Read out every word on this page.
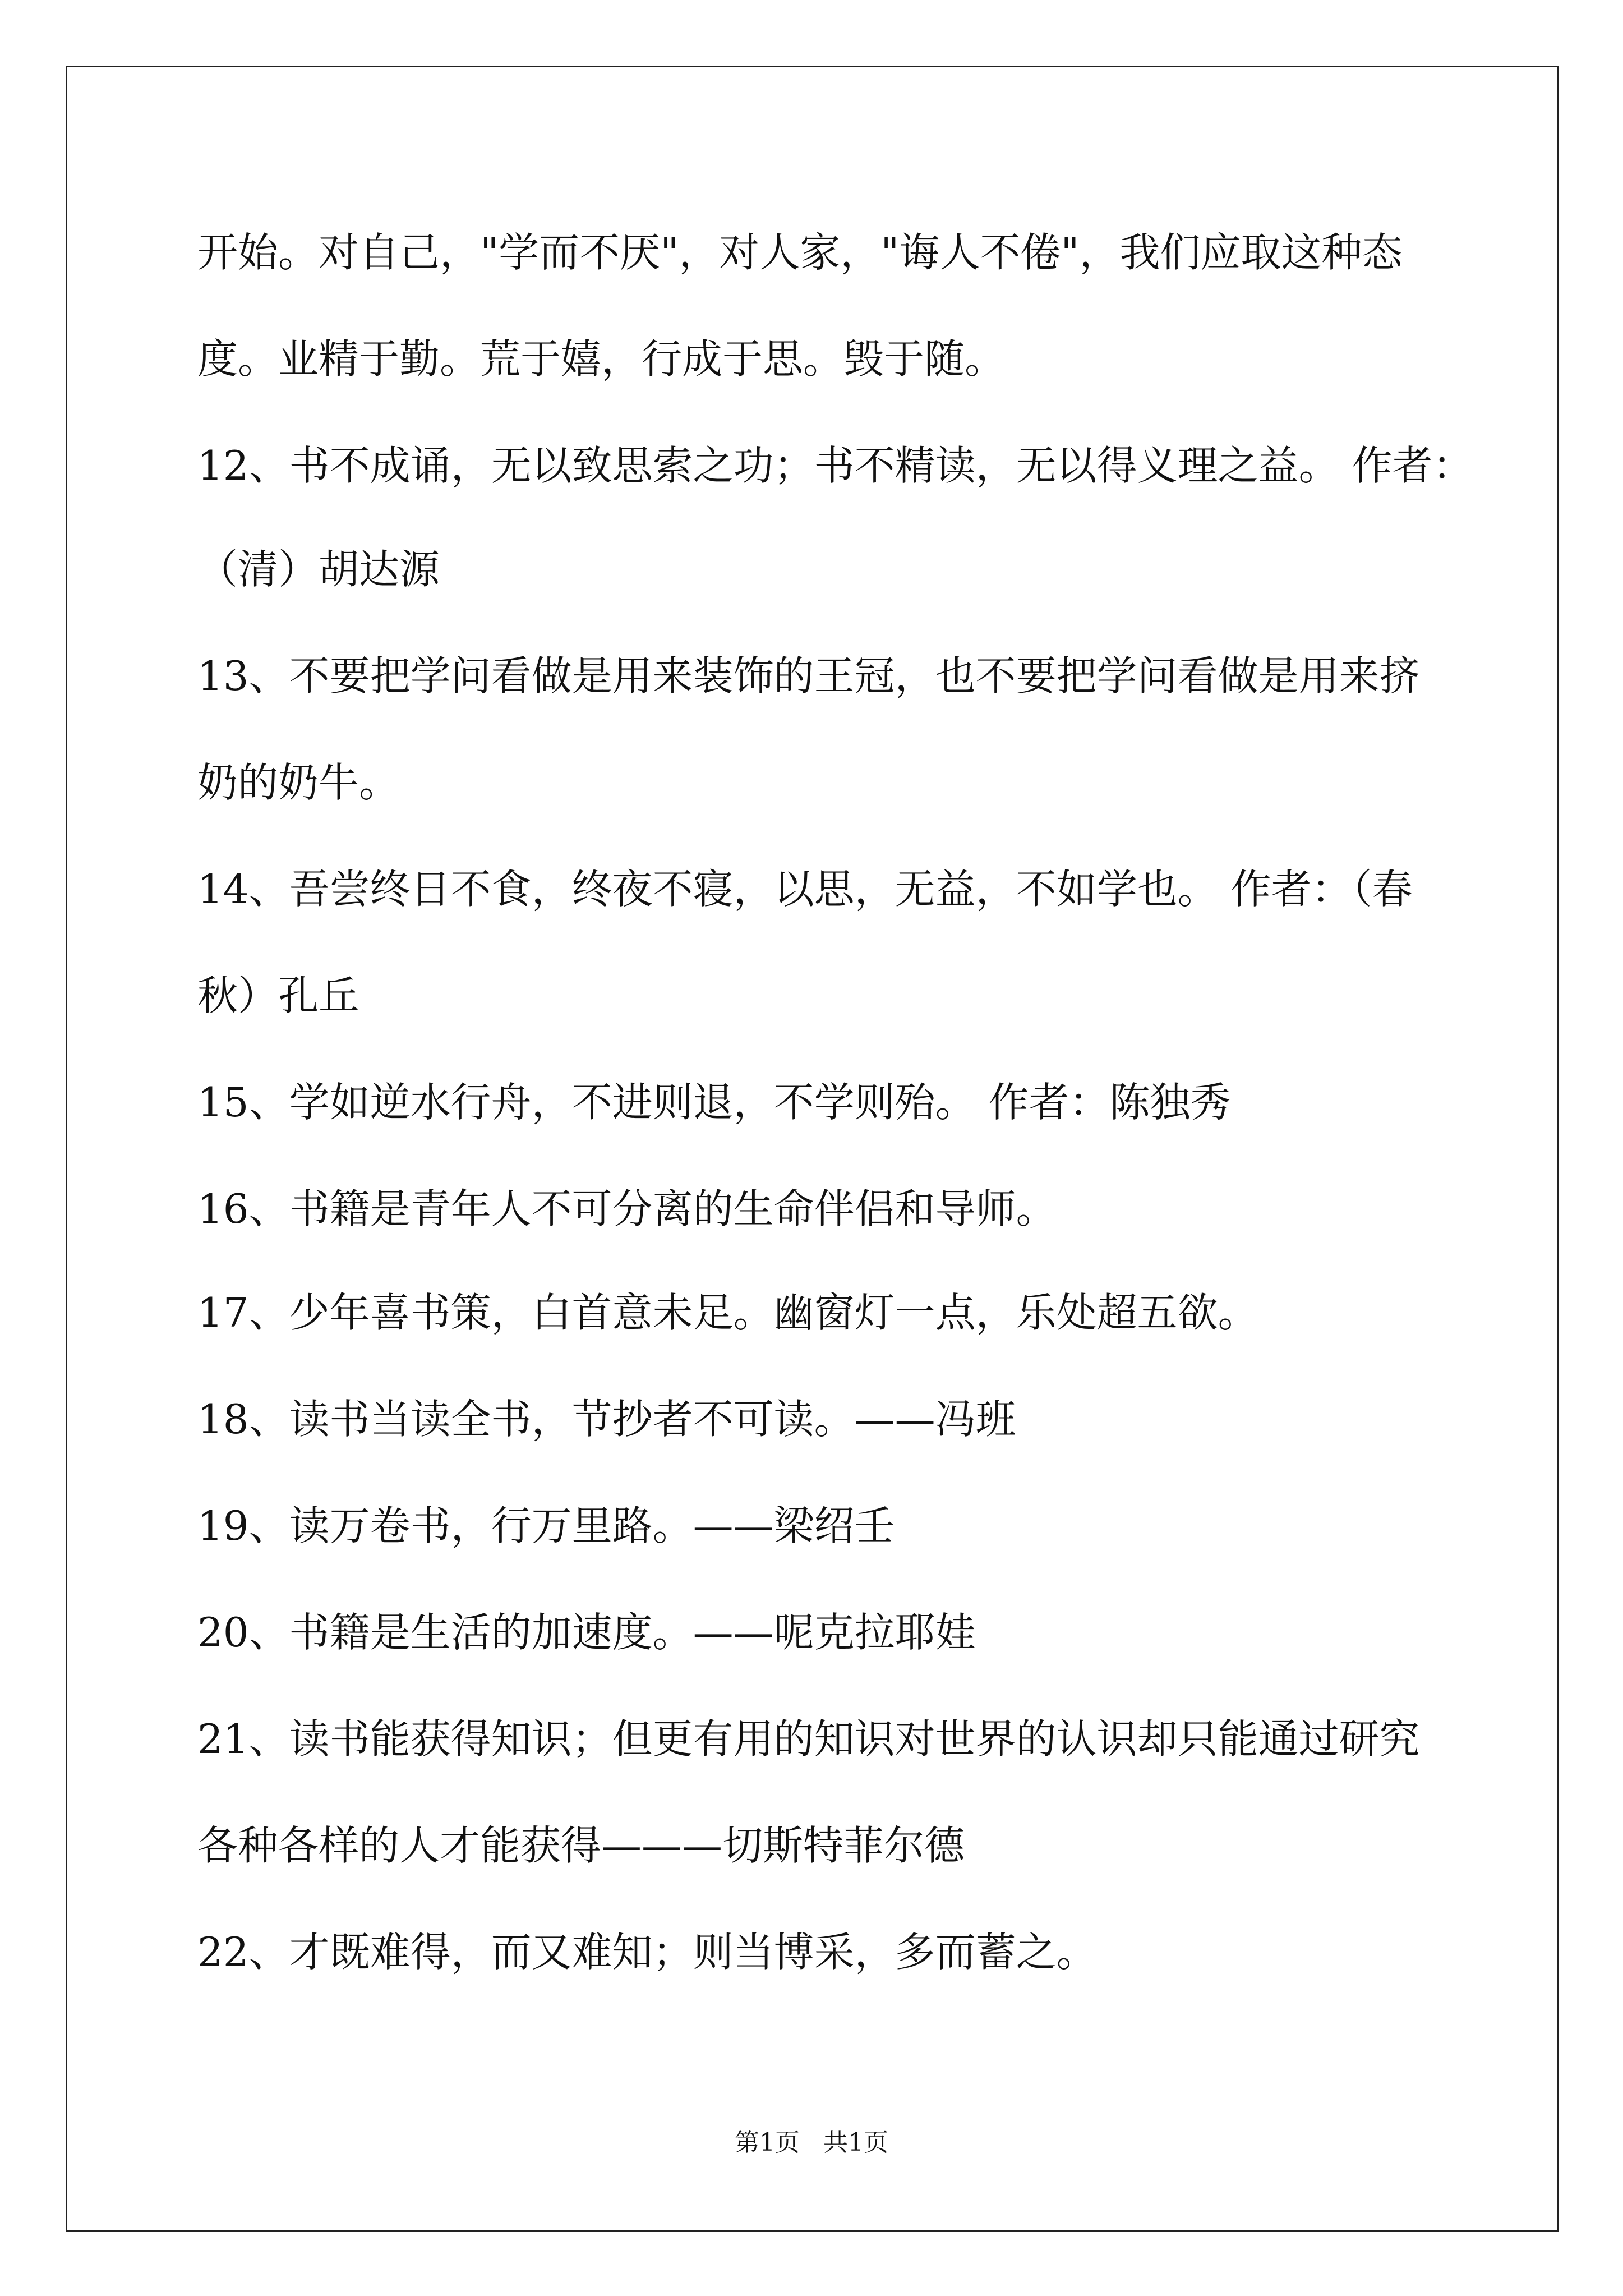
开始。对自己，"学而不厌"，对人家，"诲人不倦"，我们应取这种态
度。业精于勤。荒于嬉，行成于思。毁于随。
12、书不成诵，无以致思索之功；书不精读，无以得义理之益。 作者：
（清）胡达源
13、不要把学问看做是用来装饰的王冠，也不要把学问看做是用来挤
奶的奶牛。
14、吾尝终日不食，终夜不寝，以思，无益，不如学也。 作者：（春
秋）孔丘
15、学如逆水行舟，不进则退，不学则殆。 作者：陈独秀
16、书籍是青年人不可分离的生命伴侣和导师。
17、少年喜书策，白首意未足。幽窗灯一点，乐处超五欲。
18、读书当读全书，节抄者不可读。——冯班
19、读万卷书，行万里路。——梁绍壬
20、书籍是生活的加速度。——呢克拉耶娃
21、读书能获得知识；但更有用的知识对世界的认识却只能通过研究
各种各样的人才能获得———切斯特菲尔德
22、才既难得，而又难知；则当博采，多而蓄之。
第1页   共1页
